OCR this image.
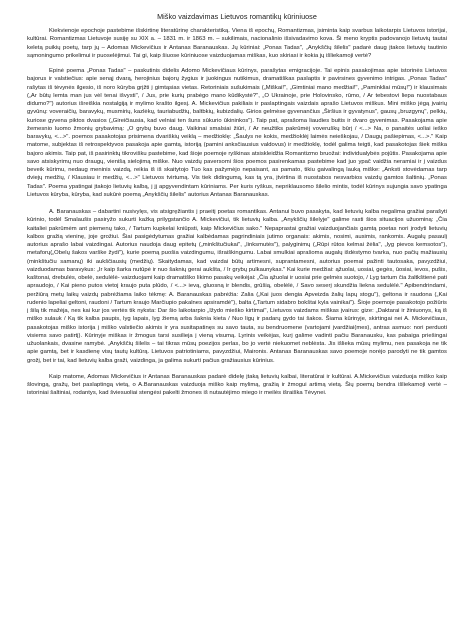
Miško vaizdavimas Lietuvos romantikų kūriniuose

Kiekvienoje epochoje pastebime išskirtinę literatūrinę charakteristiką. Viena iš epochų, Romantizmas, įsiminta kaip svarbus laikotarpis Lietuvos istorijai, kultūrai. Romantizmas Lietuvoje susiję su XIX a. – 1831 m. ir 1863 m. – sukilimais, nacionalinio išsivadavimo kova. Ši meno kryptis padovanojo lietuvių tautai keletą puikių poetų, tarp jų – Adomas Mickevičius ir Antanas Baranauskas. Jų kūriniai: „Ponas Tadas", „Anykščių šilelis" padarė daug įtakos lietuvių tautinio sąmoningumo prikelimui ir puoselėjimui. Tai gi, kaip šiuose kūriniuose vaizduojamas miškas, kuo skiriasi ir kokia jų išliekamoji vertė?

Epinė poema „Ponas Tadas" – paskutinis didelis Adomo Mickevičiaus kūrinys, parašytas emigracijoje. Tai epinis pasakojimas apie istorinės Lietuvos bajorus ir valstiečius: apie senąj dvarą, herojinius bajorų žygius ir juokingus nutikimus, dramatiškas paslaptis ir pavirsines gyvenimo intrigas. „Ponas Tadas" rašytas iš tėvynės ilgesio, iš noro kūryba grįžti į gimtąsias vietas. Retoriniais sušukimais („Miškai!", „Gimtiniai mano medžiai!", „Paminkliai mūsų!") ir klausimais („Ar būtų lemta man jus vėl tenai išvysti", / Jus, prie kurių prabėgo mano kūdikystė?", „O Ukrainoje, prie Holovinsko, rūmo, / Ar tebestovi liepa nuostabaus didumo?") autorius išreiškia nostalgiją ir mylimo krašto ilgesį. A. Mickevičius pakiliais ir paslaptingais vaizdais aprašo Lietuvos miškus. Mini miško jėgą įvairių gyvūnų: voveraičių, baravykų, musmirių, kazlėkų, tauriabudžių, baltbkių, kubizdalių. Girios gelmėse gyvenančius „Širšius ir gyvatynus", gausų „bruzgynų", pelkių, kuriose gyvena piktos dvasios („Gireičiausia, kad velniai ten šuns sūkurio ūkininkos"). Taip pat, aprašoma liaudies buitis ir dvaro gyvenimas. Pasakojama apie žemesnio luomo žmonių grybavimą: „O grybų buvo daug. Vaikinai smalsiai žiūri, / Ar neužtiks pakrūmėj voveruškų būrį / <...> Na, o panaitės uoliai ieško baravykų, <...>". poemos pasakotojas prisimena dvariškių veiklą – medžioklę: „Šaulys ne kokis, medžioklėj laimės neieškojau, / Daugų pašiepimas, <...>." Kaip matome, subjektas iš retrospektyvos pasakoja apie gamtą, istoriją (pamini anksčiausius valdovus) ir medžioklę, todėl galima teigti, kad pasakotojas šiek miška bajoro akimis. Taip pat, iš pasirinktų tikrovišku pastebime, kad šioje poemoje ryškinas atsiskleidžia Romantizmo bruožai: individualybės pojūtis. Pasakojama apie savo atsiskyrimų nuo draugų, vienišą sielojimą miške. Nuo vaizdų paversomi šios poemos pasirenkamas pastebime kad juo ypač vaidžia neramiai ir į vaizdus beveik kūrimu, nedaug meninis vaizdą, reikia iš iš skaitytojo Tuo kas pažymėjo nepaisant, as pamato, tikiu gaivalingą lauką miške: „Anksti stovėdamas tarp dviejų medžių, / Klausiau ir medžių, <...>" Lietuvos tvirtumą. Vis tiek didingumą, kas tą yra, įtvirtina iš nuostabos nesvarbios vaizdų gamtos šaltinių. „Ponas Tadas". Poema ypatingai įtakojo lietuvių kalbą, į jį apgyvendintam kūriniams. Per kuris ryškus, nepriklausomo šilelio mintis, todėl kūrinys sujungia savo ypatinga Lietuvos kūryba, kūryba, kad sukūrė poemą „Anykščių šilelis" autorius Antanas Baranauskas.

A. Baranauskas – dabartini nusivylęs, vis atsigręžiantis į praeitį poetas romantikas. Antanui buvo pasakyta, kad lietuvių kalba negalima gražiai parašyti kūrinio, todėl Smalaušis pasiryžo sukurti kažką prilygstančio A. Mickevičiui, tik lietuvių kalba. „Anykščių šilelyje" galime rasti šios situacijos užuominą: „Čia kaitaliei pakrūmėm ant piemenų tako, / Tartum kupkelai kniūpsti, kaip Mickevičius sako." Nepaprastai gražiai vaizduojančiais gamtą poetas nori įrodyti lietuvių kalbos gražią vieninę, joje grožiui. Šiai pasigėdytumas gražiai kalbėdamas pagrindiniais jutimo organais: akimis, nosimi, ausimis, rankomis. Augalų pasaulį autorius aprašo labai vaizdingai. Autorius naudoja daug epitetų („minkštučiukai", „linksmutės"), palyginimų („Rūpi rūtos kelmai žėlia", „lyg pievos kemsotos"), metaforų(„Obelų šakos varške žydi"), kurie poemą puošia vaizdingumu, išraiškingumu. Labai smulkiai aprašoma augalų išdėstymo tvarka, nuo pačių mažiausių (minkštučiu samanų) iki aukščiausių (medžių). Skaitydamas, kad vaizdai būtų artimesni, suprantamesni, autorius poemai pažinti tautosaka, pavyzdžiui, vaizduodamas baravykus: „Ir kaip šarka nutūpė ir nuo šaknių gerai aukšta, / Ir grybų pulkaunykas." Kai kurie medžiai: ąžuolai, uosiai, gegės, ūosiai, ievos, pušis, kaštonai, drebulės, obelė, sedulėlė- vaizduojami kaip dramatiško likimo pasakų veikėjai: „Čia ąžuolai ir uosiai prie gelmės suotojo, / Lyg tartum čia žaltkštienė pati apraudojo, / Kai pieno putos vietoj kraujo puta plūdo, / <...> ievą, gluosną ir blendis, grūšią, obelėlė, / Savo seserį skundžia liekna sedulėlė." Apibendrindami, peržiūrą metų laikų vaizdų pabrėžiama laiko tėkmę: A. Baranauskas pabrėžia: Zalia („Kai juos dengia Apveizda žalių lapų stogu"), geltona ir raudona („Kai rudenio lapeliai geltoni, raudoni / Tartum kraujo Marčiupio pakalnes apsiramdė"), balta („Tartum sidabro bokštai kyla vainikai"). Šioje poemoje pasakotojo požiūris į šilą tik mažėja, nes kai kur jos vertės tik nyksta: Dar šio laikotarpio „Ižydo mieško kirtimai", Lietuvos vaizdams miškas įvairus: gize: „Daktarai ir žiniuonys, ką iš miško sulauk / Ką tik kalba paupis, lyg lapais, lyg žiemą arba šaknia kieta / Nuo ligų ir padarų gydo tai šakos. Šiama kūrinyje, skirtingai nei A. Mickevičiaus, pasakotojas miško istorija į miško valstiečio akimis ir yra susitapatinęs su savo tauta, su bendruomene (vartojami įvardžiai(mes), antras asmuo: nori perduoti visiems savo patirtį). Kūrinyje miškas ir žmogus tarsi susilieja į vieną visumą. Lyrinis veikėjas, kurį galime vadinti pačiu Baranausku, kas pabaiga priešingai užuolankais, dvasine ramybė. „Anykščių šilelis – tai tikras mūsų poezijos perlas, bo jo vertė niekuomet neblėsta. Jis išlieka mūsų mylimu, nes pasakoja ne tik apie gamtą, bet ir kasdienę visų tautų kultūrą. Lietuvos patriotiniams, pavyzdžiui, Maironis. Antanas Baranauskas savo poemoje norėjo parodyti ne tik gamtos grožį, bet ir tai, kad lietuvių kalba graži, vaizdinga, ja galima sukurti pačius gražiausius kūrinius.

Kaip matome, Adomas Mickevičius ir Antanas Baranauskas padarė didelę įtaką lietuvių kalbai, literatūrai ir kultūrai. A.Mickevičius vaizduoja miško kaip šlovingą, gražų, bet paslaptingą vietą, o A.Baranauskas vaizduoja miško kaip mylimą, gražią ir žmogui artimą vietą. Šių poemų bendra išliekamoji vertė – istoriniai šaltiniai, rodantys, kad šviesuoliai stengėsi pakelti žmones iš nutautėjimo miego ir meilės išraiška Tėvynei.
